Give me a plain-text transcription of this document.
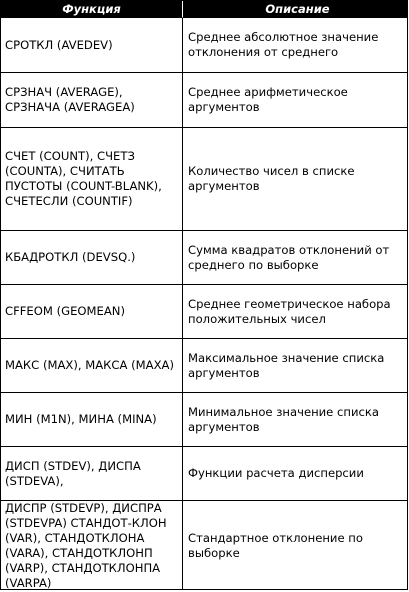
Функция	Описание
СРОТКЛ (AVEDEV)
Среднее абсолютное значение отклонения от среднего
СРЗНАЧ (AVERAGE), СРЗНАЧА (AVERAGEA)
Среднее арифметическое аргументов
СЧЕТ (COUNT), СЧЕТЗ (COUNTA), СЧИТАТЬ ПУСТОТЫ (COUNT-BLANK), СЧЕТЕСЛИ (COUNTIF)
Количество чисел в списке аргументов
КБАДРОТКЛ (DEVSQ.)
Сумма квадратов отклонений от среднего по выборке
CFFEOM (GEOMEAN)
Среднее геометрическое набора положительных чисел
МАКС (MAX), МАКСА (MAXA)
Максимальное значение списка аргументов
МИН (M1N), МИНА (MINA)
Минимальное значение списка аргументов
ДИСП (STDEV), ДИСПА (STDEVA),
Функции расчета дисперсии
ДИСПР (STDEVP), ДИСПРА (STDEVPA) СТАНДОТ-КЛОН (VAR), СТАНДОТКЛОНА (VARA), СТАНДОТКЛОНП (VARP), СТАНДОТКЛОНПА (VARPA)
Стандартное отклонение по выборке
